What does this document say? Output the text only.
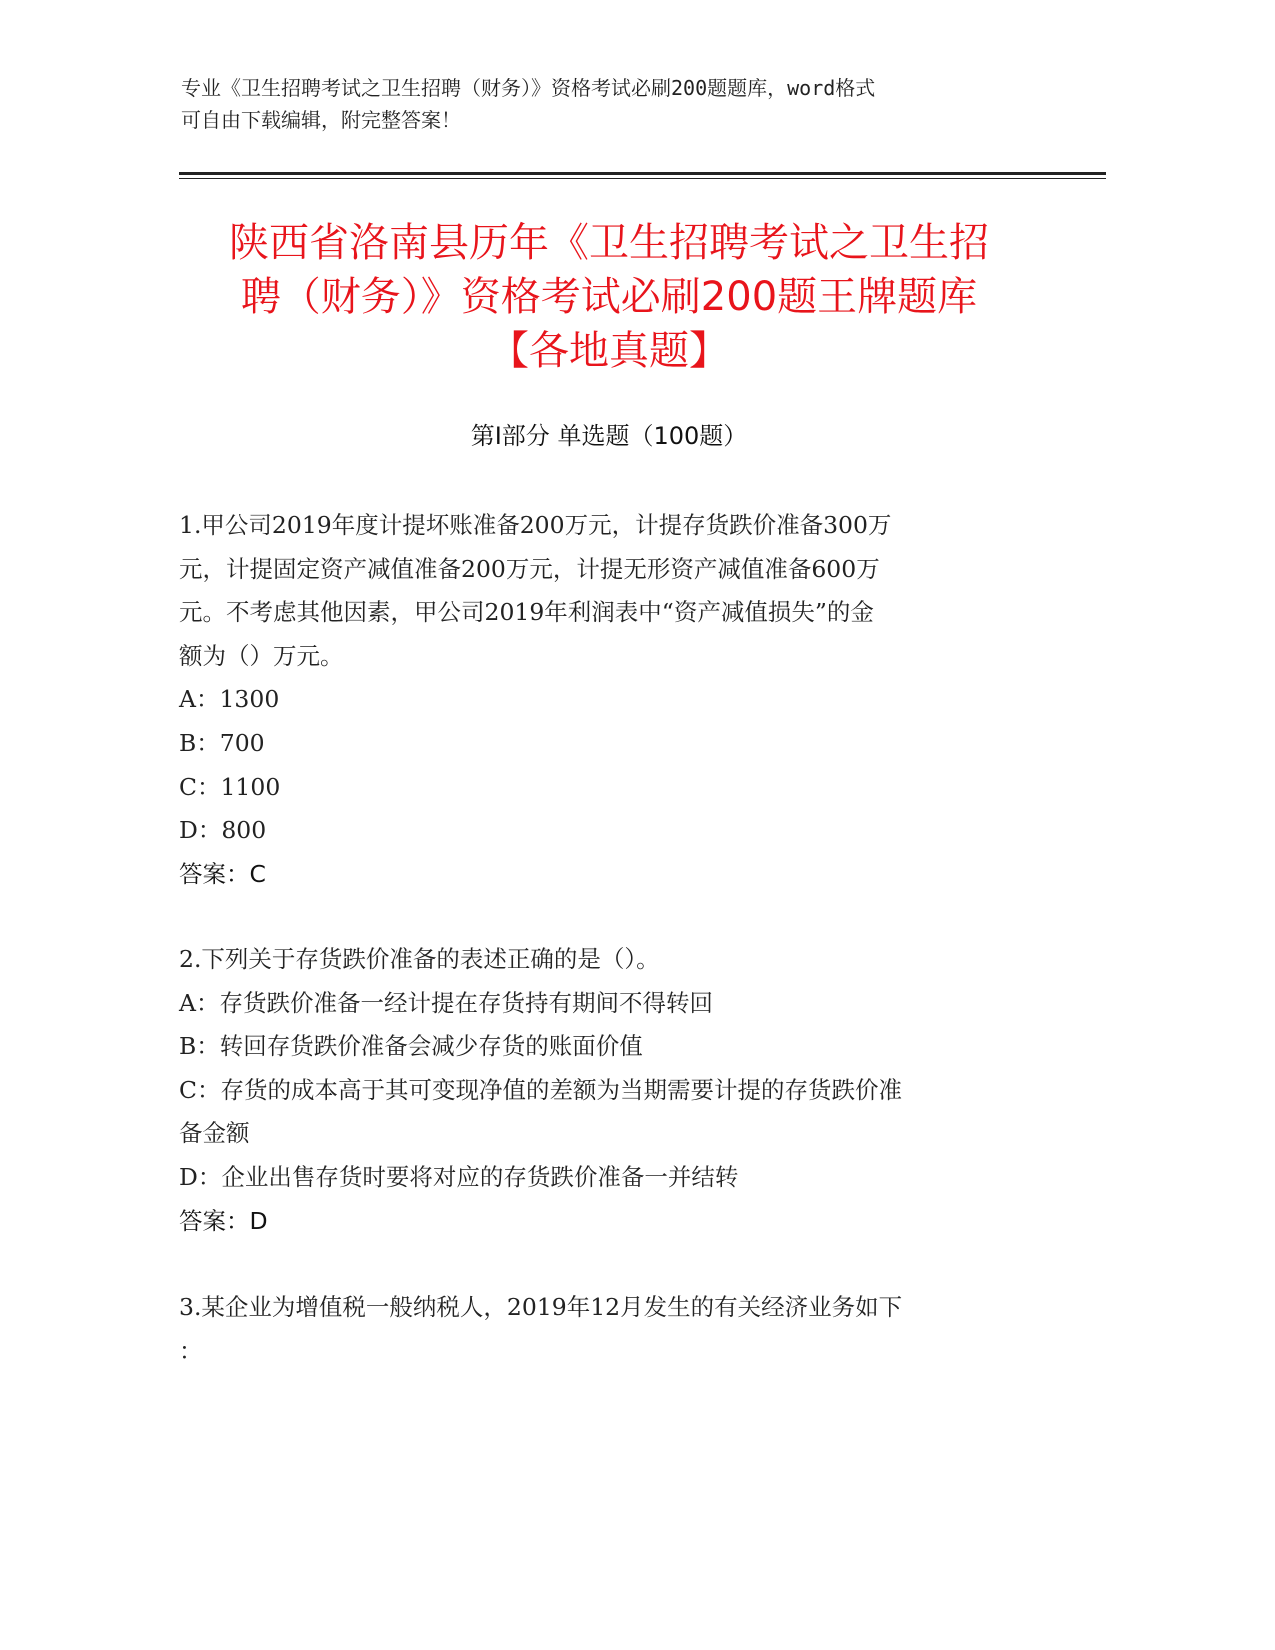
专业《卫生招聘考试之卫生招聘（财务）》资格考试必刷200题题库，word格式
可自由下载编辑，附完整答案！
陕西省洛南县历年《卫生招聘考试之卫生招
聘（财务）》资格考试必刷200题王牌题库
【各地真题】
第Ⅰ部分 单选题（100题）
1.甲公司2019年度计提坏账准备200万元，计提存货跌价准备300万
元，计提固定资产减值准备200万元，计提无形资产减值准备600万
元。不考虑其他因素，甲公司2019年利润表中“资产减值损失”的金
额为（）万元。
A：1300
B：700
C：1100
D：800
答案：C
2.下列关于存货跌价准备的表述正确的是（）。
A：存货跌价准备一经计提在存货持有期间不得转回
B：转回存货跌价准备会减少存货的账面价值
C：存货的成本高于其可变现净值的差额为当期需要计提的存货跌价准
备金额
D：企业出售存货时要将对应的存货跌价准备一并结转
答案：D
3.某企业为增值税一般纳税人，2019年12月发生的有关经济业务如下
：
